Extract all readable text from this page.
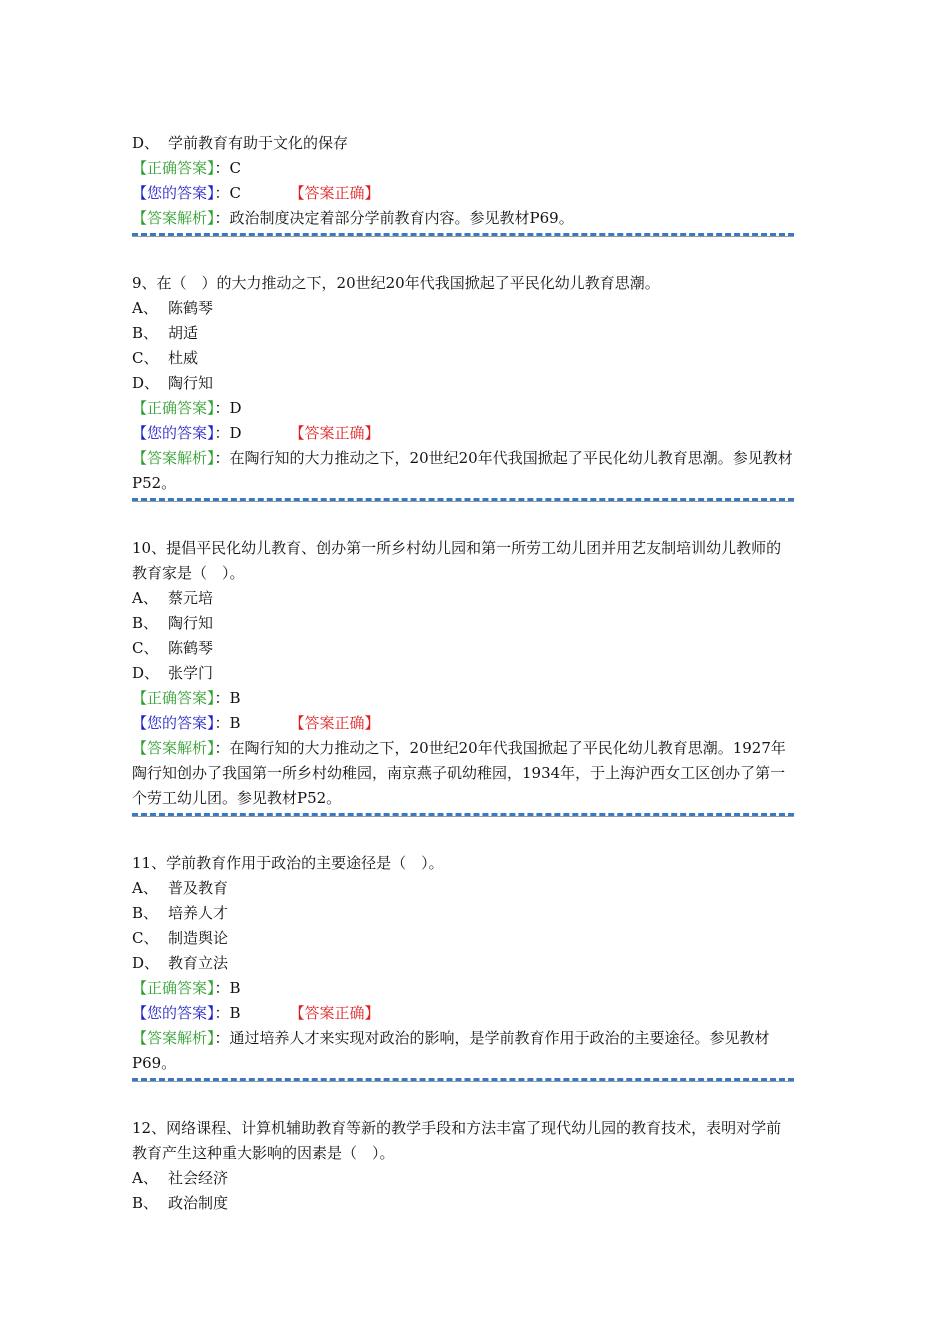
D、 学前教育有助于文化的保存
【正确答案】：C
【您的答案】：C	【答案正确】
【答案解析】：政治制度决定着部分学前教育内容。参见教材P69。
9、在（　）的大力推动之下，20世纪20年代我国掀起了平民化幼儿教育思潮。
A、 陈鹤琴
B、 胡适
C、 杜威
D、 陶行知
【正确答案】：D
【您的答案】：D	【答案正确】
【答案解析】：在陶行知的大力推动之下，20世纪20年代我国掀起了平民化幼儿教育思潮。参见教材P52。
10、提倡平民化幼儿教育、创办第一所乡村幼儿园和第一所劳工幼儿团并用艺友制培训幼儿教师的教育家是（　）。
A、 蔡元培
B、 陶行知
C、 陈鹤琴
D、 张学门
【正确答案】：B
【您的答案】：B	【答案正确】
【答案解析】：在陶行知的大力推动之下，20世纪20年代我国掀起了平民化幼儿教育思潮。1927年陶行知创办了我国第一所乡村幼稚园，南京燕子矶幼稚园，1934年，于上海沪西女工区创办了第一个劳工幼儿团。参见教材P52。
11、学前教育作用于政治的主要途径是（　）。
A、 普及教育
B、 培养人才
C、 制造舆论
D、 教育立法
【正确答案】：B
【您的答案】：B	【答案正确】
【答案解析】：通过培养人才来实现对政治的影响，是学前教育作用于政治的主要途径。参见教材P69。
12、网络课程、计算机辅助教育等新的教学手段和方法丰富了现代幼儿园的教育技术，表明对学前教育产生这种重大影响的因素是（　）。
A、 社会经济
B、 政治制度
